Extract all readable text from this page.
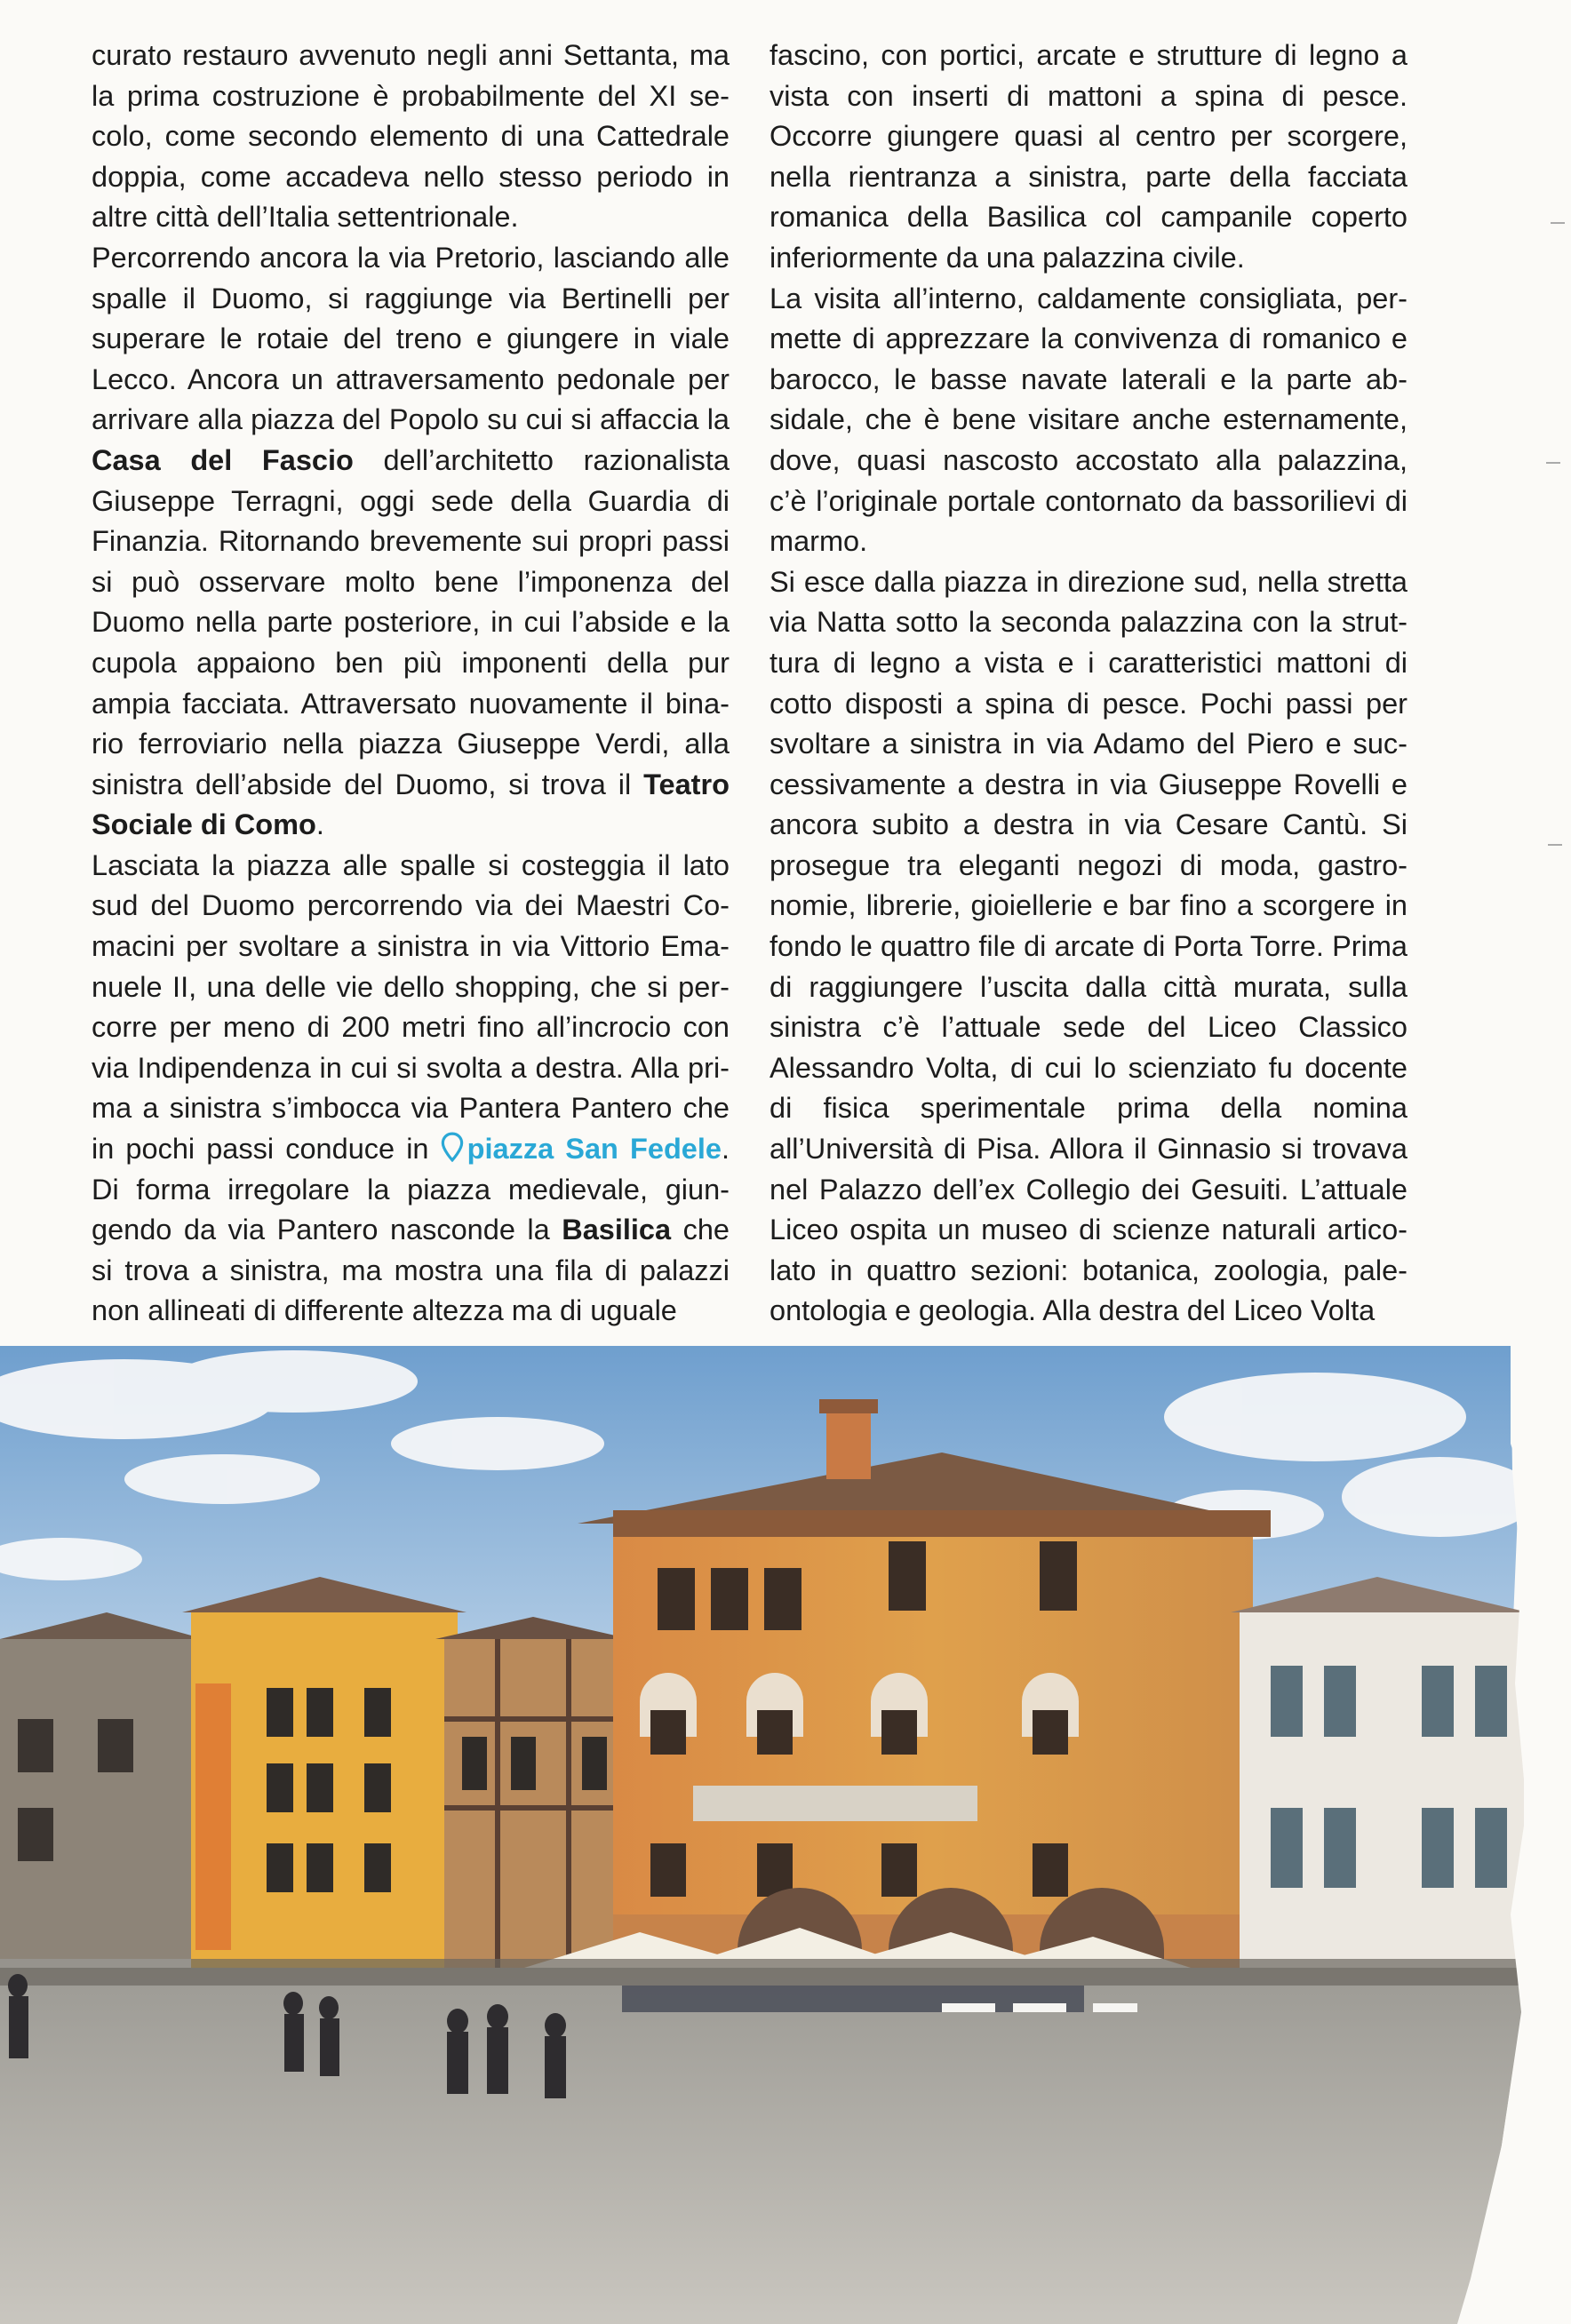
curato restauro avvenuto negli anni Settanta, ma la prima costruzione è probabilmente del XI secolo, come secondo elemento di una Cattedrale doppia, come accadeva nello stesso periodo in altre città dell’Italia settentrionale.

Percorrendo ancora la via Pretorio, lasciando alle spalle il Duomo, si raggiunge via Bertinelli per superare le rotaie del treno e giungere in viale Lecco. Ancora un attraversamento pedonale per arrivare alla piazza del Popolo su cui si affaccia la Casa del Fascio dell’architetto razionalista Giuseppe Terragni, oggi sede della Guardia di Finanzia. Ritornando brevemente sui propri passi si può osservare molto bene l’imponenza del Duomo nella parte posteriore, in cui l’abside e la cupola appaiono ben più imponenti della pur ampia facciata. Attraversato nuovamente il binario ferroviario nella piazza Giuseppe Verdi, alla sinistra dell’abside del Duomo, si trova il Teatro Sociale di Como.

Lasciata la piazza alle spalle si costeggia il lato sud del Duomo percorrendo via dei Maestri Comacini per svoltare a sinistra in via Vittorio Emanuele II, una delle vie dello shopping, che si percorre per meno di 200 metri fino all’incrocio con via Indipendenza in cui si svolta a destra. Alla prima a sinistra s’imbocca via Pantera Pantero che in pochi passi conduce in piazza San Fedele. Di forma irregolare la piazza medievale, giungendo da via Pantero nasconde la Basilica che si trova a sinistra, ma mostra una fila di palazzi non allineati di differente altezza ma di uguale

fascino, con portici, arcate e strutture di legno a vista con inserti di mattoni a spina di pesce. Occorre giungere quasi al centro per scorgere, nella rientranza a sinistra, parte della facciata romanica della Basilica col campanile coperto inferiormente da una palazzina civile.

La visita all’interno, caldamente consigliata, permette di apprezzare la convivenza di romanico e barocco, le basse navate laterali e la parte absidale, che è bene visitare anche esternamente, dove, quasi nascosto accostato alla palazzina, c’è l’originale portale contornato da bassorilievi di marmo.

Si esce dalla piazza in direzione sud, nella stretta via Natta sotto la seconda palazzina con la struttura di legno a vista e i caratteristici mattoni di cotto disposti a spina di pesce. Pochi passi per svoltare a sinistra in via Adamo del Piero e successivamente a destra in via Giuseppe Rovelli e ancora subito a destra in via Cesare Cantù. Si prosegue tra eleganti negozi di moda, gastronomie, librerie, gioiellerie e bar fino a scorgere in fondo le quattro file di arcate di Porta Torre. Prima di raggiungere l’uscita dalla città murata, sulla sinistra c’è l’attuale sede del Liceo Classico Alessandro Volta, di cui lo scienziato fu docente di fisica sperimentale prima della nomina all’Università di Pisa. Allora il Ginnasio si trovava nel Palazzo dell’ex Collegio dei Gesuiti. L’attuale Liceo ospita un museo di scienze naturali articolato in quattro sezioni: botanica, zoologia, paleontologia e geologia. Alla destra del Liceo Volta
